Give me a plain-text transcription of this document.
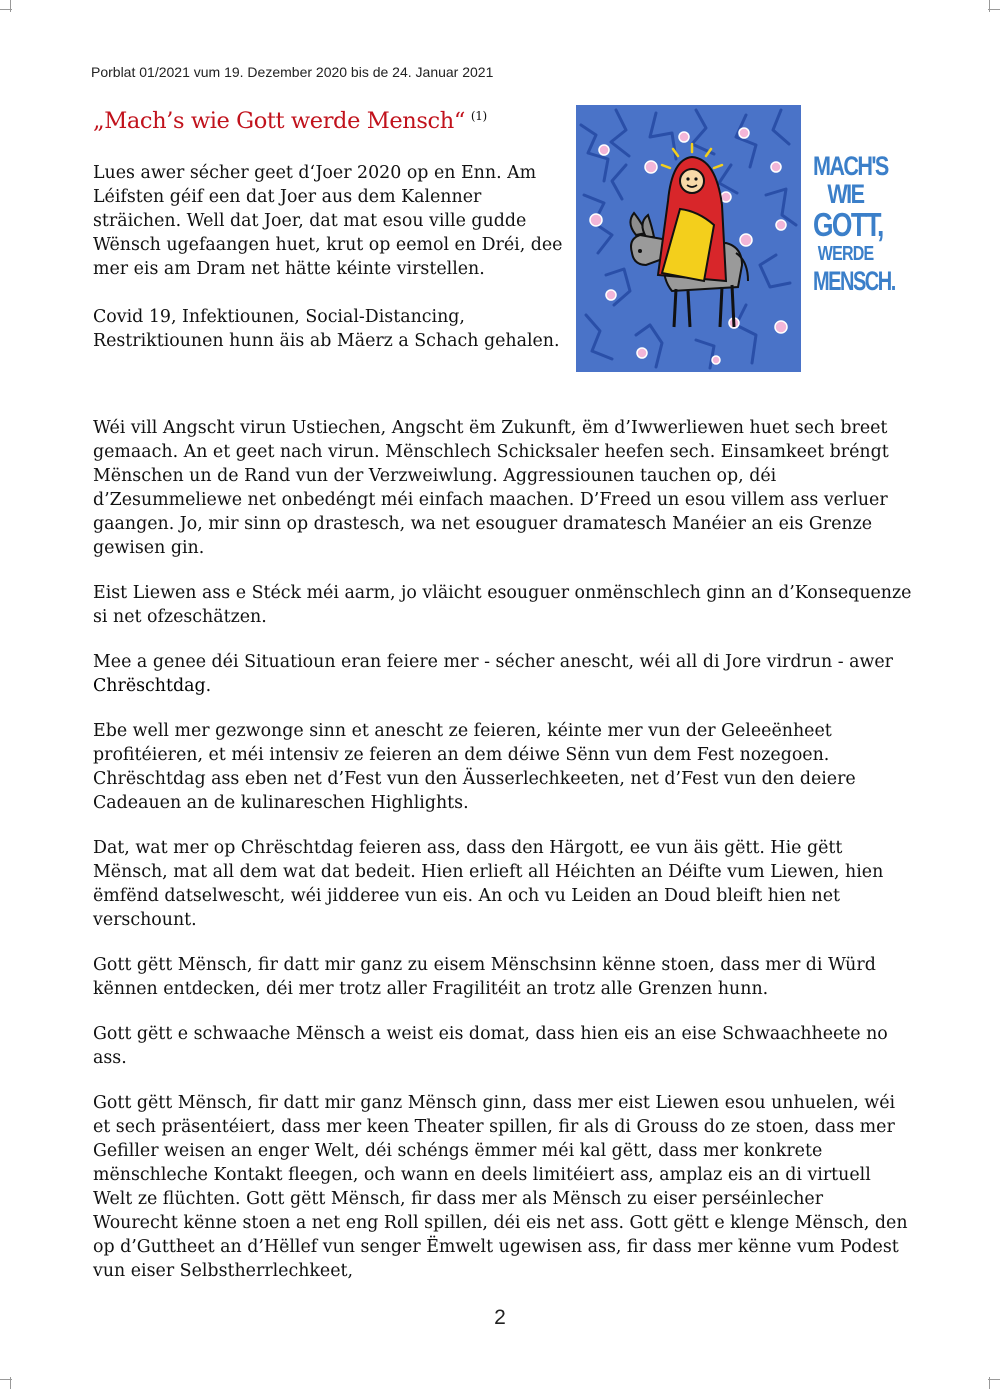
Porblat 01/2021 vum 19. Dezember 2020 bis de 24. Januar 2021
„Mach’s wie Gott werde Mensch“ $^{(1)}$

Lues awer sécher geet d‘Joer 2020 op en Enn. Am Léifsten géif een dat Joer aus dem Kalenner sträichen. Well dat Joer, dat mat esou ville gudde Wënsch ugefaangen huet, krut op eemol en Dréi, dee mer eis am Dram net hätte kéinte virstellen.

Covid 19, Infektiounen, Social-Distancing, Restriktiounen hunn äis ab Mäerz a Schach gehalen.

MACH'S
WIE
GOTT,
WERDE
MENSCH.

Wéi vill Angscht virun Ustiechen, Angscht ëm Zukunft, ëm d’Iwwerliewen huet sech breet gemaach. An et geet nach virun. Mënschlech Schicksaler heefen sech. Einsamkeet bréngt Mënschen un de Rand vun der Verzweiwlung. Aggressiounen tauchen op, déi d’Zesummeliewe net onbedéngt méi einfach maachen. D’Freed un esou villem ass verluer gaangen. Jo, mir sinn op drastesch, wa net esouguer dramatesch Manéier an eis Grenze gewisen gin.

Eist Liewen ass e Stéck méi aarm, jo vläicht esouguer onmënschlech ginn an d’Konsequenze si net ofzeschätzen.

Mee a genee déi Situatioun eran feiere mer - sécher anescht, wéi all di Jore virdrun - awer Chrëschtdag.

Ebe well mer gezwonge sinn et anescht ze feieren, kéinte mer vun der Geleeënheet profitéieren, et méi intensiv ze feieren an dem déiwe Sënn vun dem Fest nozegoen. Chrëschtdag ass eben net d’Fest vun den Äusserlechkeeten, net d’Fest vun den deiere Cadeauen an de kulinareschen Highlights.

Dat, wat mer op Chrëschtdag feieren ass, dass den Härgott, ee vun äis gëtt. Hie gëtt Mënsch, mat all dem wat dat bedeit. Hien erlieft all Héichten an Déifte vum Liewen, hien ëmfënd datselwescht, wéi jidderee vun eis. An och vu Leiden an Doud bleift hien net verschount.

Gott gëtt Mënsch, fir datt mir ganz zu eisem Mënschsinn kënne stoen, dass mer di Würd kënnen entdecken, déi mer trotz aller Fragilitéit an trotz alle Grenzen hunn.

Gott gëtt e schwaache Mënsch a weist eis domat, dass hien eis an eise Schwaachheete no ass.

Gott gëtt Mënsch, fir datt mir ganz Mënsch ginn, dass mer eist Liewen esou unhuelen, wéi et sech präsentéiert, dass mer keen Theater spillen, fir als di Grouss do ze stoen, dass mer Gefiller weisen an enger Welt, déi schéngs ëmmer méi kal gëtt, dass mer konkrete mënschleche Kontakt fleegen, och wann en deels limitéiert ass, amplaz eis an di virtuell Welt ze flüchten. Gott gëtt Mënsch, fir dass mer als Mënsch zu eiser perséinlecher Wourecht kënne stoen a net eng Roll spillen, déi eis net ass. Gott gëtt e klenge Mënsch, den op d’Guttheet an d’Hëllef vun senger Ëmwelt ugewisen ass, fir dass mer kënne vum Podest vun eiser Selbstherrlechkeet,

2
